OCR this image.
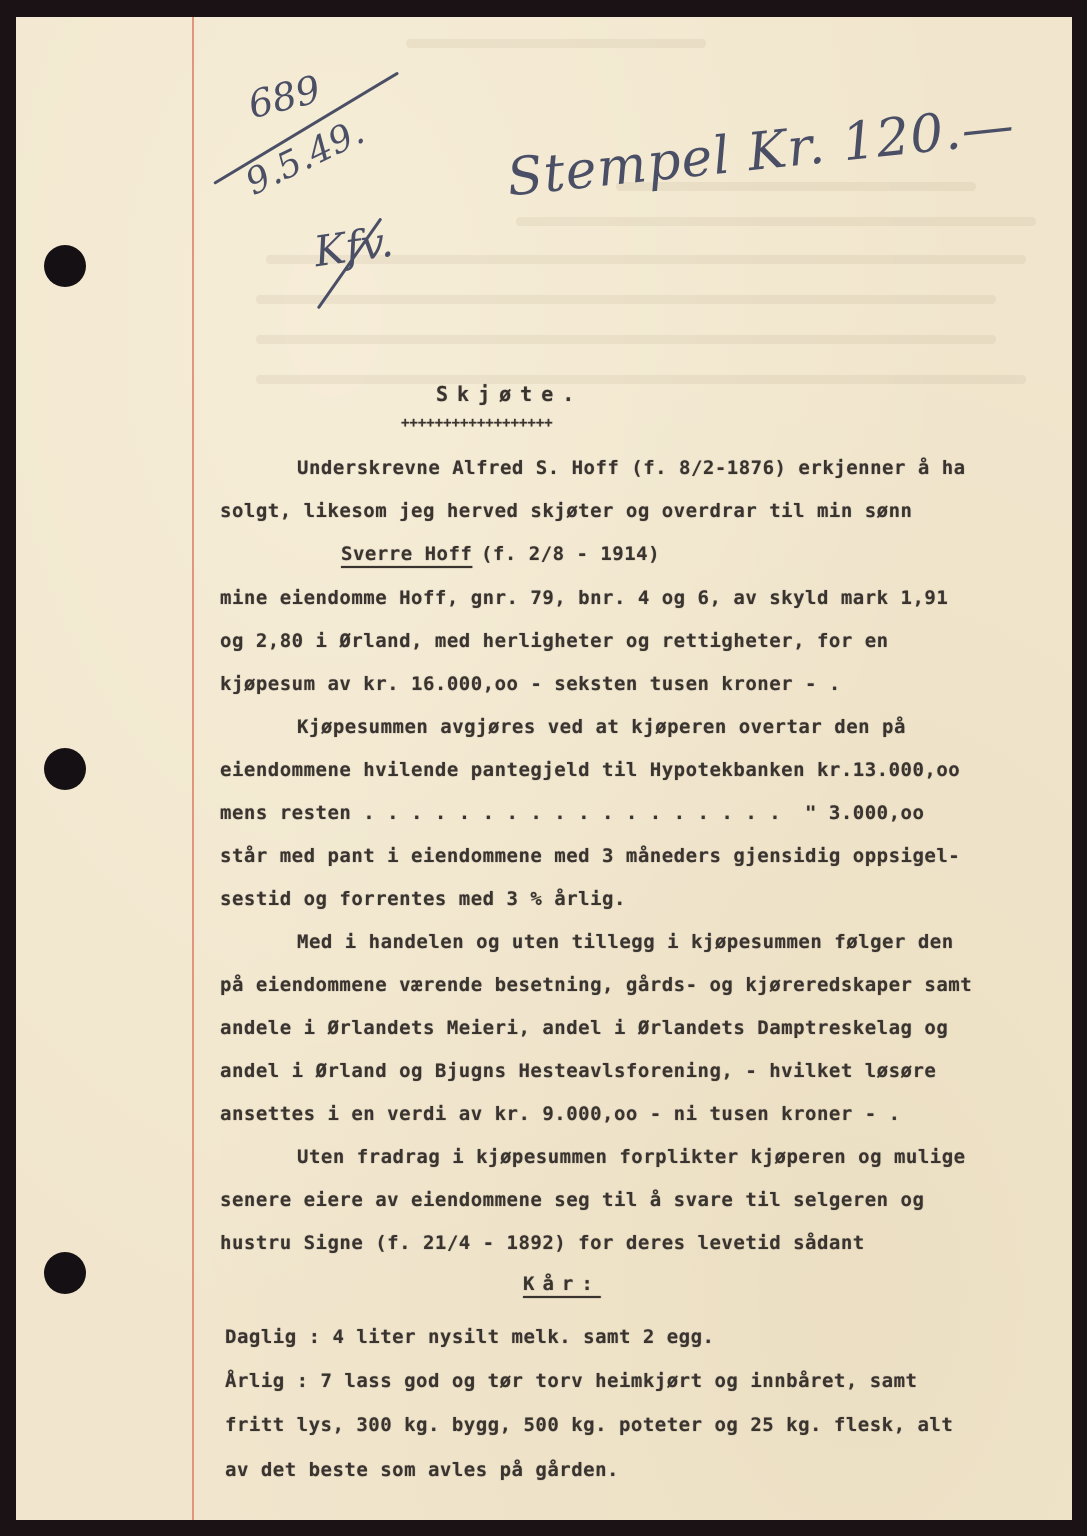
689
9.5.49.
Kfv.
Stempel Kr. 120.—
Skjøte.
++++++++++++++++++
Underskrevne Alfred S. Hoff (f. 8/2-1876) erkjenner å ha
solgt, likesom jeg herved skjøter og overdrar til min sønn
Sverre Hoff
(f. 2/8 - 1914)
mine eiendomme Hoff, gnr. 79, bnr. 4 og 6, av skyld mark 1,91
og 2,80 i Ørland, med herligheter og rettigheter, for en
kjøpesum av kr. 16.000,oo - seksten tusen kroner - .
Kjøpesummen avgjøres ved at kjøperen overtar den på
eiendommene hvilende pantegjeld til Hypotekbanken kr.13.000,oo
mens resten . . . . . . . . . . . . . . . . . .  " 3.000,oo
står med pant i eiendommene med 3 måneders gjensidig oppsigel-
sestid og forrentes med 3 % årlig.
Med i handelen og uten tillegg i kjøpesummen følger den
på eiendommene værende besetning, gårds- og kjøreredskaper samt
andele i Ørlandets Meieri, andel i Ørlandets Damptreskelag og
andel i Ørland og Bjugns Hesteavlsforening, - hvilket løsøre
ansettes i en verdi av kr. 9.000,oo - ni tusen kroner - .
Uten fradrag i kjøpesummen forplikter kjøperen og mulige
senere eiere av eiendommene seg til å svare til selgeren og
hustru Signe (f. 21/4 - 1892) for deres levetid sådant
Kår:
Daglig : 4 liter nysilt melk. samt 2 egg.
Årlig : 7 lass god og tør torv heimkjørt og innbåret, samt
fritt lys, 300 kg. bygg, 500 kg. poteter og 25 kg. flesk, alt
av det beste som avles på gården.
